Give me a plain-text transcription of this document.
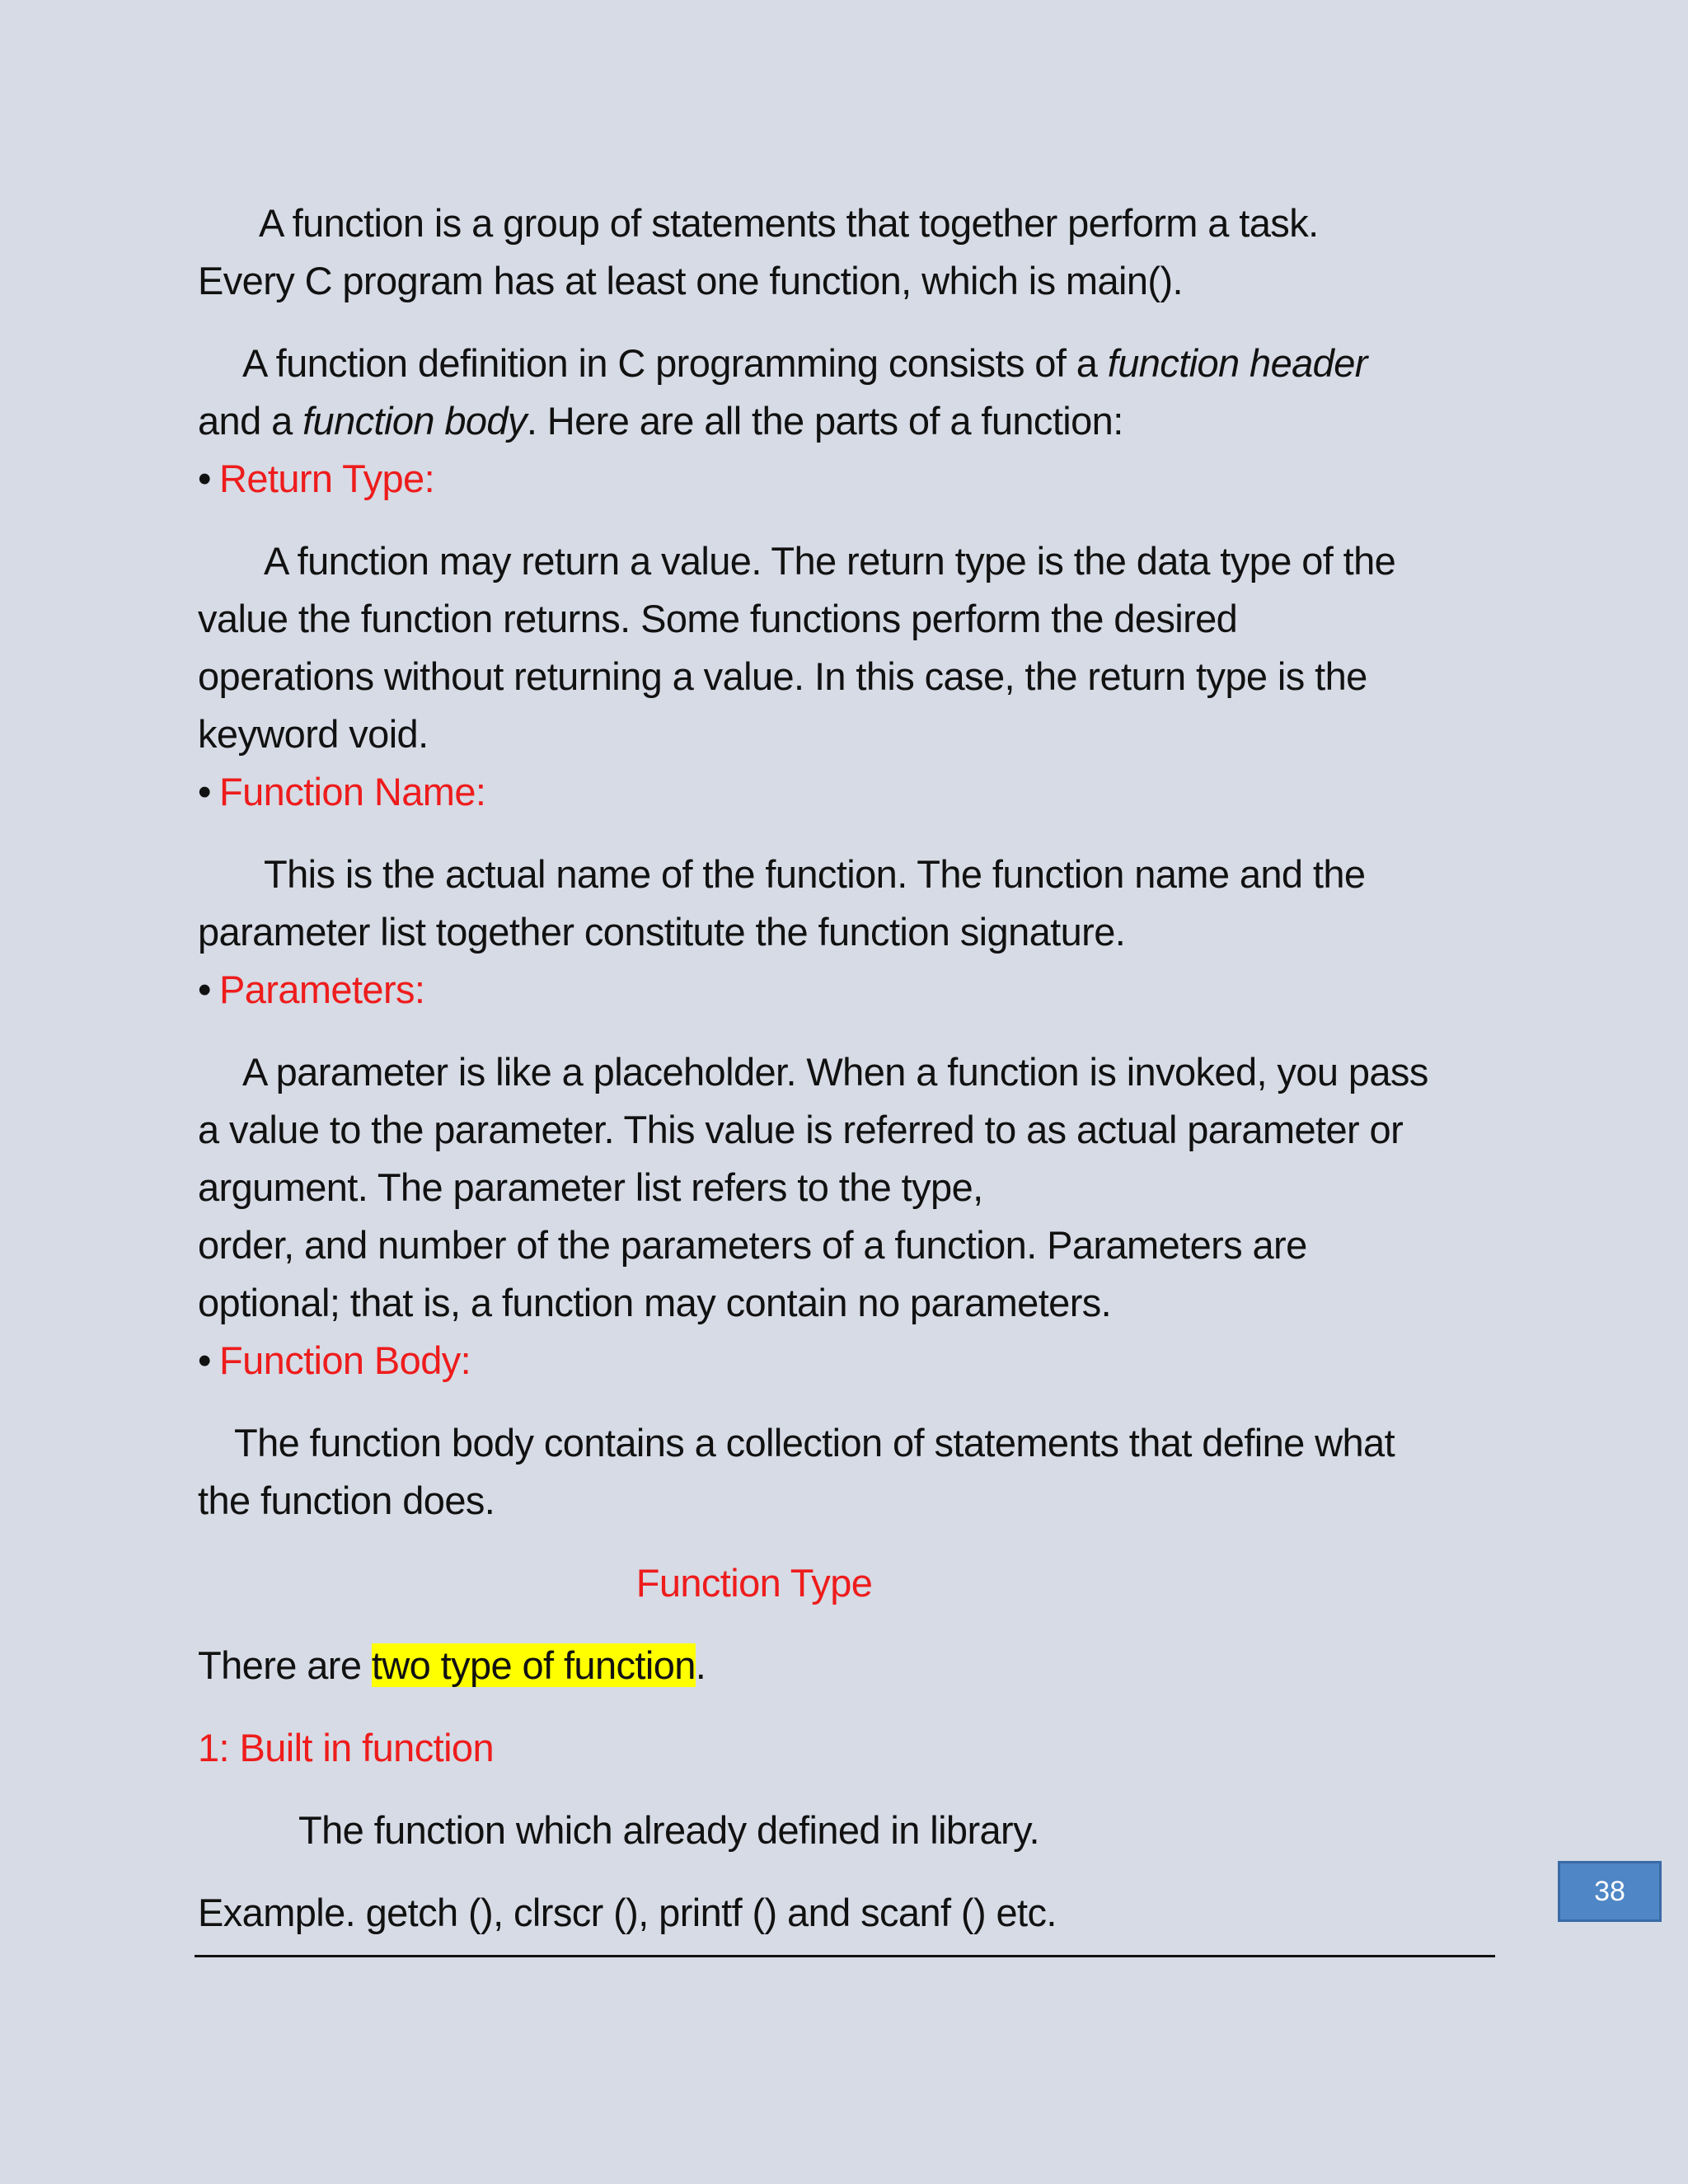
A function is a group of statements that together perform a task.
Every C program has at least one function, which is main().

A function definition in C programming consists of a function header
and a function body. Here are all the parts of a function:

• Return Type:

A function may return a value. The return type is the data type of the
value the function returns. Some functions perform the desired
operations without returning a value. In this case, the return type is the
keyword void.

• Function Name:

This is the actual name of the function. The function name and the
parameter list together constitute the function signature.

• Parameters:

A parameter is like a placeholder. When a function is invoked, you pass
a value to the parameter. This value is referred to as actual parameter or
argument. The parameter list refers to the type,
order, and number of the parameters of a function. Parameters are
optional; that is, a function may contain no parameters.

• Function Body:

The function body contains a collection of statements that define what
the function does.

Function Type

There are two type of function.

1: Built in function

The function which already defined in library.

Example. getch (), clrscr (), printf () and scanf () etc.	38
